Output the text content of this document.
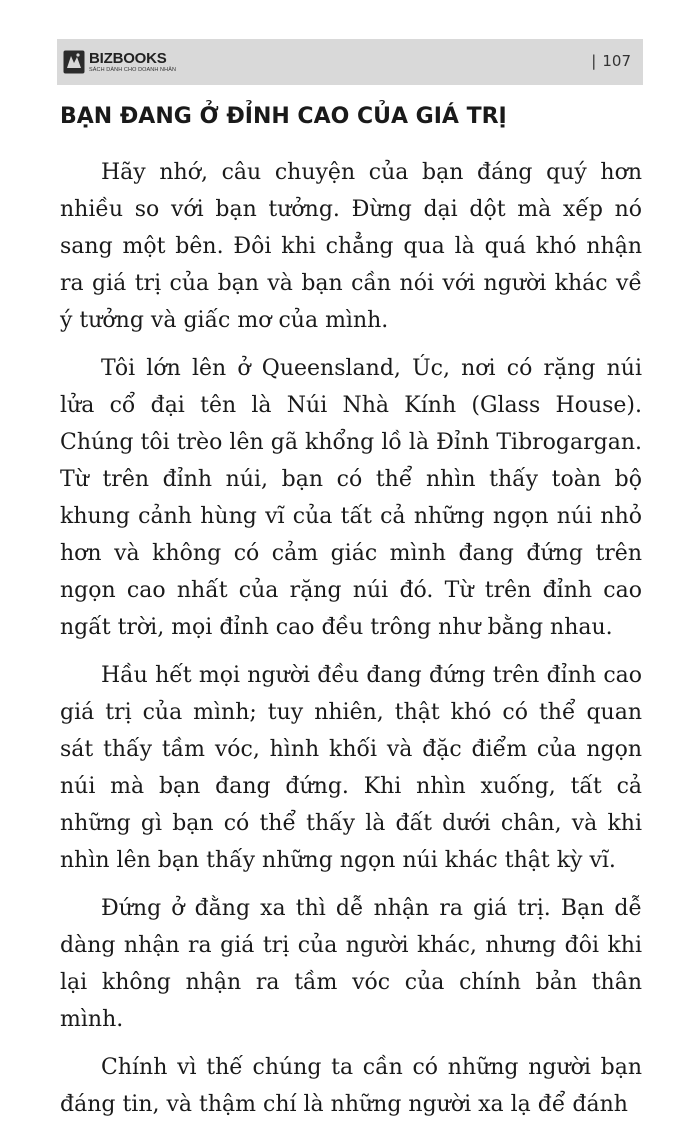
BIZBOOKS
SÁCH DÀNH CHO DOANH NHÂN	| 107
BẠN ĐANG Ở ĐỈNH CAO CỦA GIÁ TRỊ

Hãy nhớ, câu chuyện của bạn đáng quý hơn nhiều so với bạn tưởng. Đừng dại dột mà xếp nó sang một bên. Đôi khi chẳng qua là quá khó nhận ra giá trị của bạn và bạn cần nói với người khác về ý tưởng và giấc mơ của mình.

Tôi lớn lên ở Queensland, Úc, nơi có rặng núi lửa cổ đại tên là Núi Nhà Kính (Glass House). Chúng tôi trèo lên gã khổng lồ là Đỉnh Tibrogargan. Từ trên đỉnh núi, bạn có thể nhìn thấy toàn bộ khung cảnh hùng vĩ của tất cả những ngọn núi nhỏ hơn và không có cảm giác mình đang đứng trên ngọn cao nhất của rặng núi đó. Từ trên đỉnh cao ngất trời, mọi đỉnh cao đều trông như bằng nhau.

Hầu hết mọi người đều đang đứng trên đỉnh cao giá trị của mình; tuy nhiên, thật khó có thể quan sát thấy tầm vóc, hình khối và đặc điểm của ngọn núi mà bạn đang đứng. Khi nhìn xuống, tất cả những gì bạn có thể thấy là đất dưới chân, và khi nhìn lên bạn thấy những ngọn núi khác thật kỳ vĩ.

Đứng ở đằng xa thì dễ nhận ra giá trị. Bạn dễ dàng nhận ra giá trị của người khác, nhưng đôi khi lại không nhận ra tầm vóc của chính bản thân mình.

Chính vì thế chúng ta cần có những người bạn đáng tin, và thậm chí là những người xa lạ để đánh
